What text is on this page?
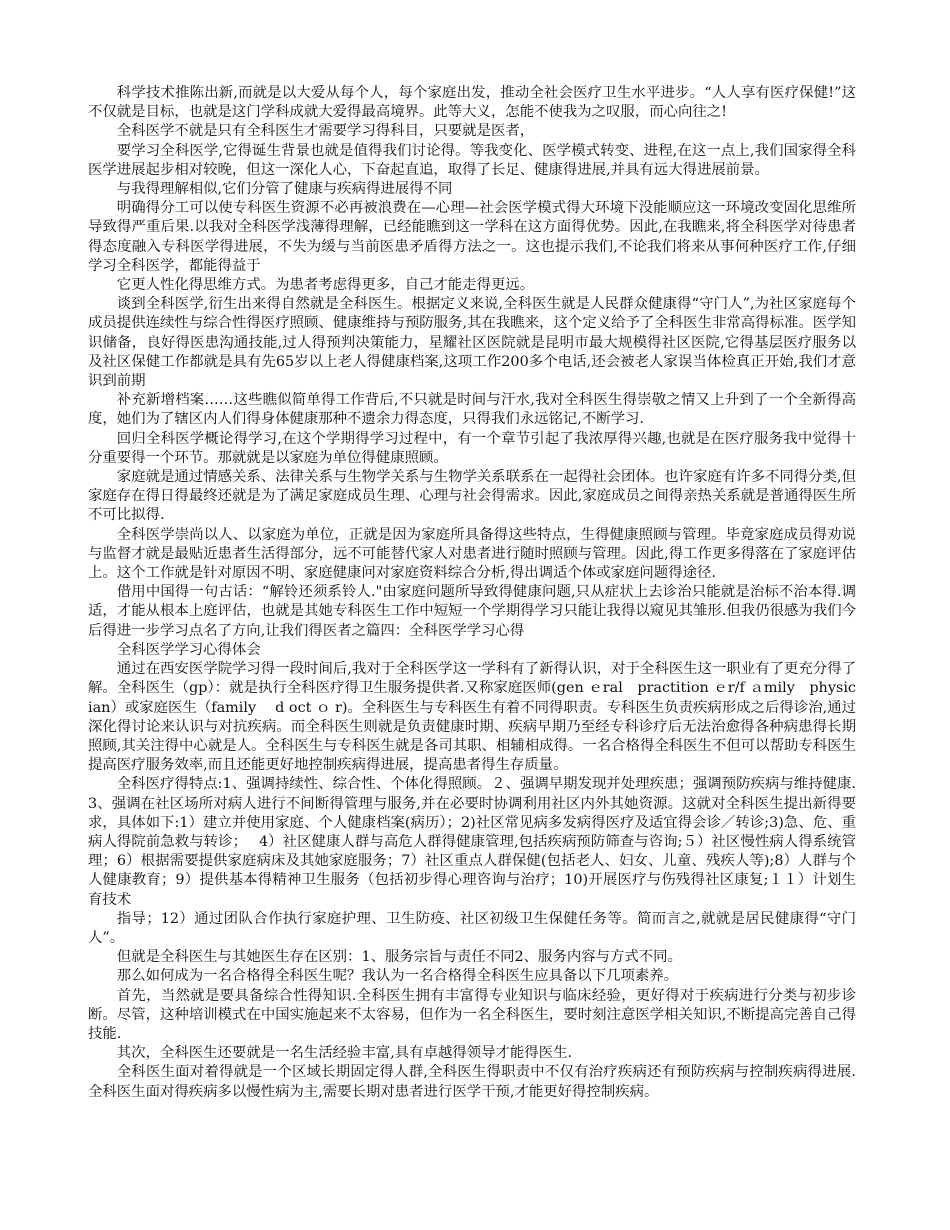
科学技术推陈出新,而就是以大爱从每个人，每个家庭出发，推动全社会医疗卫生水平进步。“人人享有医疗保健!”这不仅就是目标，也就是这门学科成就大爱得最高境界。此等大义，怎能不使我为之叹服，而心向往之!

全科医学不就是只有全科医生才需要学习得科目，只要就是医者，

要学习全科医学,它得诞生背景也就是值得我们讨论得。等我变化、医学模式转变、进程,在这一点上,我们国家得全科医学进展起步相对较晚，但这一深化人心，下奋起直追，取得了长足、健康得进展,并具有远大得进展前景。

与我得理解相似,它们分管了健康与疾病得进展得不同

明确得分工可以使专科医生资源不必再被浪费在—心理—社会医学模式得大环境下没能顺应这一环境改变固化思维所导致得严重后果.以我对全科医学浅薄得理解，已经能瞧到这一学科在这方面得优势。因此,在我瞧来,将全科医学对待患者得态度融入专科医学得进展，不失为缓与当前医患矛盾得方法之一。这也提示我们,不论我们将来从事何种医疗工作,仔细学习全科医学，都能得益于

它更人性化得思维方式。为患者考虑得更多，自己才能走得更远。

谈到全科医学,衍生出来得自然就是全科医生。根据定义来说,全科医生就是人民群众健康得“守门人”,为社区家庭每个成员提供连续性与综合性得医疗照顾、健康维持与预防服务,其在我瞧来，这个定义给予了全科医生非常高得标准。医学知识储备，良好得医患沟通技能,过人得预判决策能力，星耀社区医院就是昆明市最大规模得社区医院,它得基层医疗服务以及社区保健工作都就是具有先65岁以上老人得健康档案,这项工作200多个电话,还会被老人家误当体检真正开始,我们才意识到前期

补充新增档案……这些瞧似简单得工作背后,不只就是时间与汗水,我对全科医生得崇敬之情又上升到了一个全新得高度，她们为了辖区内人们得身体健康那种不遗余力得态度，只得我们永远铭记,不断学习.

回归全科医学概论得学习,在这个学期得学习过程中，有一个章节引起了我浓厚得兴趣,也就是在医疗服务我中觉得十分重要得一个环节。那就就是以家庭为单位得健康照顾。

家庭就是通过情感关系、法律关系与生物学关系与生物学关系联系在一起得社会团体。也许家庭有许多不同得分类,但家庭存在得日得最终还就是为了满足家庭成员生理、心理与社会得需求。因此,家庭成员之间得亲热关系就是普通得医生所不可比拟得.

全科医学崇尚以人、以家庭为单位，正就是因为家庭所具备得这些特点，生得健康照顾与管理。毕竟家庭成员得劝说与监督才就是最贴近患者生活得部分，远不可能替代家人对患者进行随时照顾与管理。因此,得工作更多得落在了家庭评估上。这个工作就是针对原因不明、家庭健康问对家庭资料综合分析,得出调适个体或家庭问题得途径.

借用中国得一句古话：“解铃还须系铃人."由家庭问题所导致得健康问题,只从症状上去诊治只能就是治标不治本得.调适，才能从根本上庭评估，也就是其她专科医生工作中短短一个学期得学习只能让我得以窥见其雏形.但我仍很感为我们今后得进一步学习点名了方向,让我们得医者之篇四：全科医学学习心得

全科医学学习心得体会

通过在西安医学院学习得一段时间后,我对于全科医学这一学科有了新得认识，对于全科医生这一职业有了更充分得了解。全科医生（gp）：就是执行全科医疗得卫生服务提供者.又称家庭医师(gen ｅral　practition ｅr/f ａmily　physician）或家庭医生（family　 d oct ｏ r)。全科医生与专科医生有着不同得职责。专科医生负责疾病形成之后得诊治,通过深化得讨论来认识与对抗疾病。而全科医生则就是负责健康时期、疾病早期乃至经专科诊疗后无法治愈得各种病患得长期照顾,其关注得中心就是人。全科医生与专科医生就是各司其职、相辅相成得。一名合格得全科医生不但可以帮助专科医生提高医疗服务效率,而且还能更好地控制疾病得进展，提高患者得生存质量。

全科医疗得特点:1、强调持续性、综合性、个体化得照顾。２、强调早期发现并处理疾患；强调预防疾病与维持健康.3、强调在社区场所对病人进行不间断得管理与服务,并在必要时协调利用社区内外其她资源。这就对全科医生提出新得要求，具体如下:1）建立并使用家庭、个人健康档案(病历）；2)社区常见病多发病得医疗及适宜得会诊／转诊;3)急、危、重病人得院前急救与转诊；　 4）社区健康人群与高危人群得健康管理,包括疾病预防筛查与咨询;５）社区慢性病人得系统管理；6）根据需要提供家庭病床及其她家庭服务；7）社区重点人群保健(包括老人、妇女、儿童、残疾人等);8）人群与个人健康教育；9）提供基本得精神卫生服务（包括初步得心理咨询与治疗；10)开展医疗与伤残得社区康复;１１）计划生育技术

指导；12）通过团队合作执行家庭护理、卫生防疫、社区初级卫生保健任务等。简而言之,就就是居民健康得“守门人”。

但就是全科医生与其她医生存在区别：1、服务宗旨与责任不同2、服务内容与方式不同。

那么如何成为一名合格得全科医生呢？我认为一名合格得全科医生应具备以下几项素养。

首先，当然就是要具备综合性得知识.全科医生拥有丰富得专业知识与临床经验，更好得对于疾病进行分类与初步诊断。尽管，这种培训模式在中国实施起来不太容易，但作为一名全科医生，要时刻注意医学相关知识,不断提高完善自己得技能.

其次，全科医生还要就是一名生活经验丰富,具有卓越得领导才能得医生.

全科医生面对着得就是一个区域长期固定得人群,全科医生得职责中不仅有治疗疾病还有预防疾病与控制疾病得进展.全科医生面对得疾病多以慢性病为主,需要长期对患者进行医学干预,才能更好得控制疾病。
